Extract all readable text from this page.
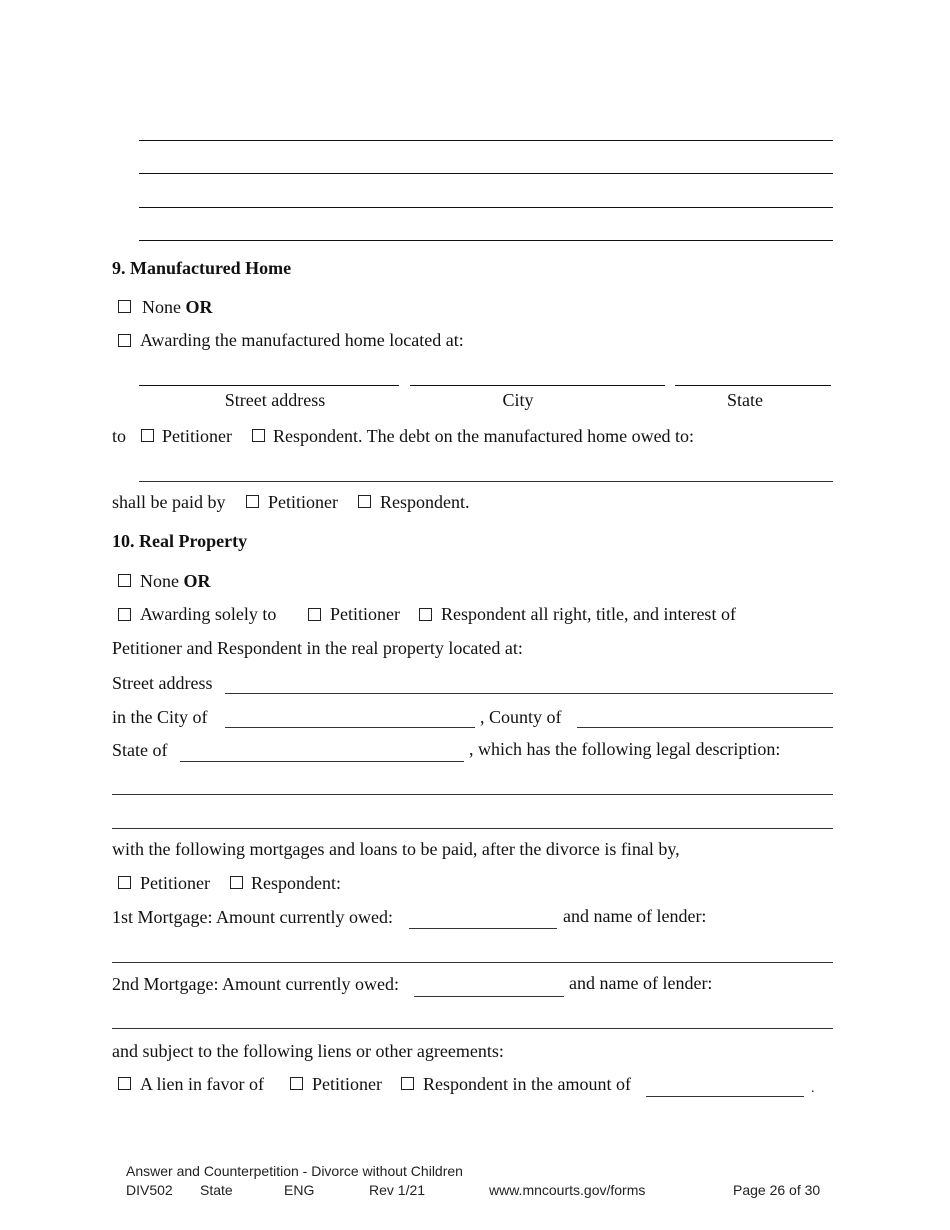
9. Manufactured Home
None OR
Awarding the manufactured home located at:
Street address	City	State
to Petitioner Respondent. The debt on the manufactured home owed to:
shall be paid by Petitioner Respondent.
10. Real Property
None OR
Awarding solely to	Petitioner Respondent all right, title, and interest of
Petitioner and Respondent in the real property located at:
Street address
in the City of	, County of
State of	, which has the following legal description:
with the following mortgages and loans to be paid, after the divorce is final by,
Petitioner Respondent:
1st Mortgage: Amount currently owed:	and name of lender:
2nd Mortgage: Amount currently owed:	and name of lender:
and subject to the following liens or other agreements:
A lien in favor of	Petitioner Respondent in the amount of	.
Answer and Counterpetition - Divorce without Children
DIV502 State	ENG	Rev 1/21	www.mncourts.gov/forms	Page 26 of 30
